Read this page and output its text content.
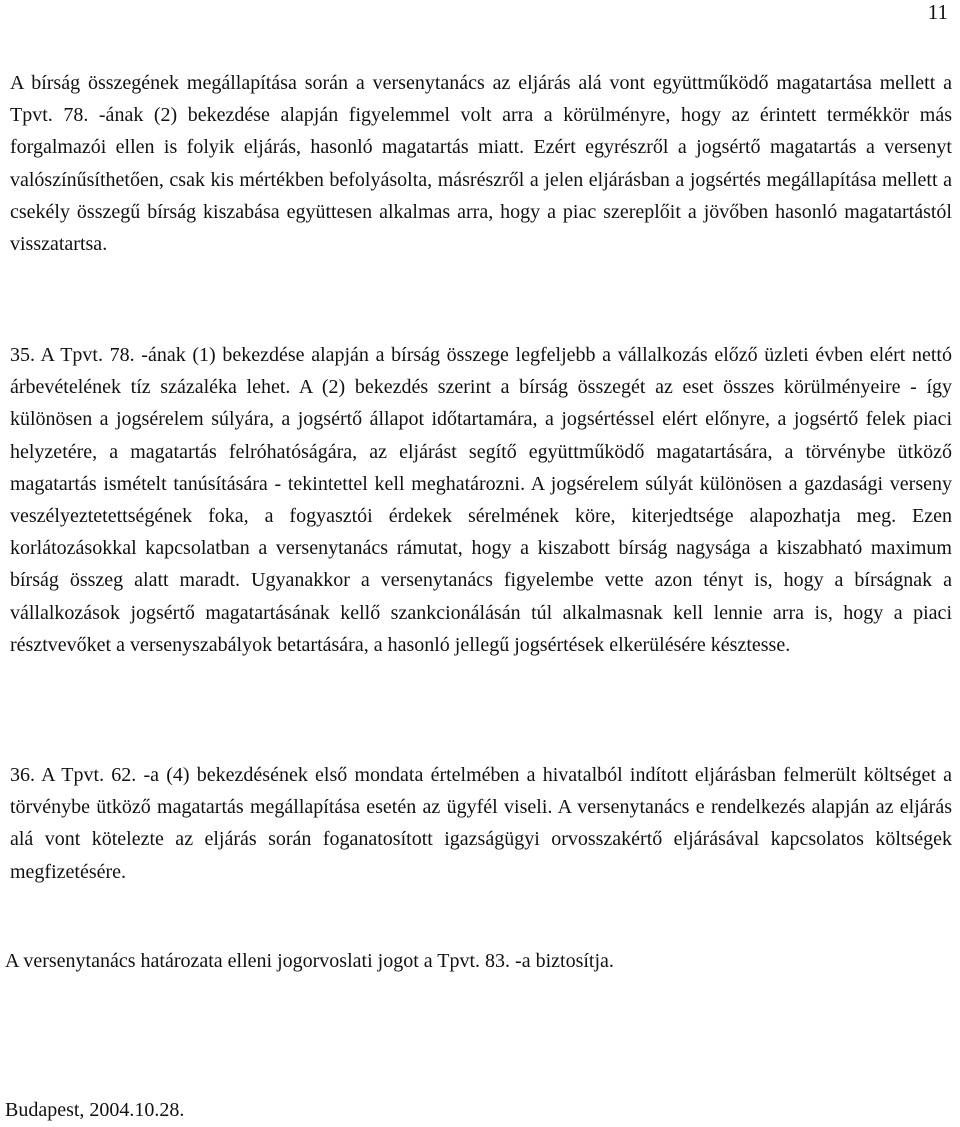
11

A bírság összegének megállapítása során a versenytanács az eljárás alá vont együttműködő magatartása mellett a Tpvt. 78. -ának (2) bekezdése alapján figyelemmel volt arra a körülményre, hogy az érintett termékkör más forgalmazói ellen is folyik eljárás, hasonló magatartás miatt. Ezért egyrészről a jogsértő magatartás a versenyt valószínűsíthetően, csak kis mértékben befolyásolta, másrészről a jelen eljárásban a jogsértés megállapítása mellett a csekély összegű bírság kiszabása együttesen alkalmas arra, hogy a piac szereplőit a jövőben hasonló magatartástól visszatartsa.

35. A Tpvt. 78. -ának (1) bekezdése alapján a bírság összege legfeljebb a vállalkozás előző üzleti évben elért nettó árbevételének tíz százaléka lehet. A (2) bekezdés szerint a bírság összegét az eset összes körülményeire - így különösen a jogsérelem súlyára, a jogsértő állapot időtartamára, a jogsértéssel elért előnyre, a jogsértő felek piaci helyzetére, a magatartás felróhatóságára, az eljárást segítő együttműködő magatartására, a törvénybe ütköző magatartás ismételt tanúsítására - tekintettel kell meghatározni. A jogsérelem súlyát különösen a gazdasági verseny veszélyeztetettségének foka, a fogyasztói érdekek sérelmének köre, kiterjedtsége alapozhatja meg. Ezen korlátozásokkal kapcsolatban a versenytanács rámutat, hogy a kiszabott bírság nagysága a kiszabható maximum bírság összeg alatt maradt. Ugyanakkor a versenytanács figyelembe vette azon tényt is, hogy a bírságnak a vállalkozások jogsértő magatartásának kellő szankcionálásán túl alkalmasnak kell lennie arra is, hogy a piaci résztvevőket a versenyszabályok betartására, a hasonló jellegű jogsértések elkerülésére késztesse.

36. A Tpvt. 62. -a (4) bekezdésének első mondata értelmében a hivatalból indított eljárásban felmerült költséget a törvénybe ütköző magatartás megállapítása esetén az ügyfél viseli. A versenytanács e rendelkezés alapján az eljárás alá vont kötelezte az eljárás során foganatosított igazságügyi orvosszakértő eljárásával kapcsolatos költségek megfizetésére.

A versenytanács határozata elleni jogorvoslati jogot a Tpvt. 83. -a biztosítja.

Budapest, 2004.10.28.
